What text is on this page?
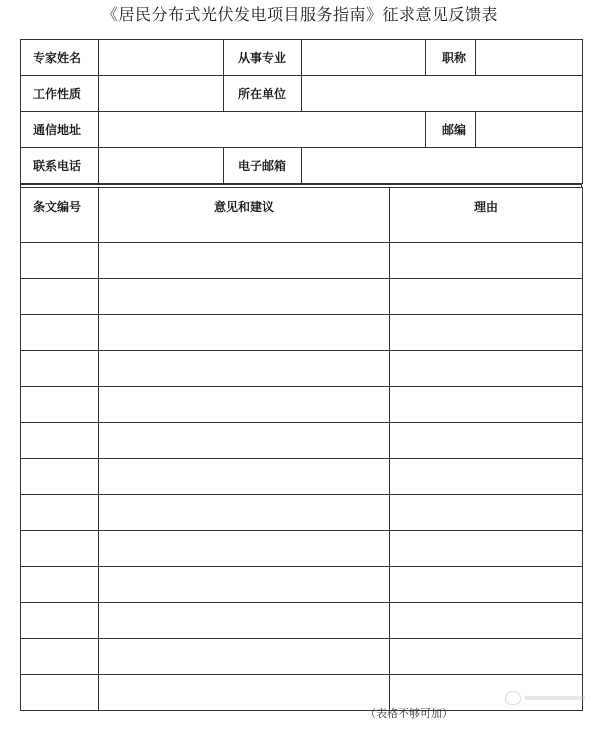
《居民分布式光伏发电项目服务指南》征求意见反馈表
专家姓名		从事专业		职称	
工作性质		所在单位			
通信地址				邮编	
联系电话		电子邮箱			
条文编号	意见和建议	理由

（表格不够可加）
